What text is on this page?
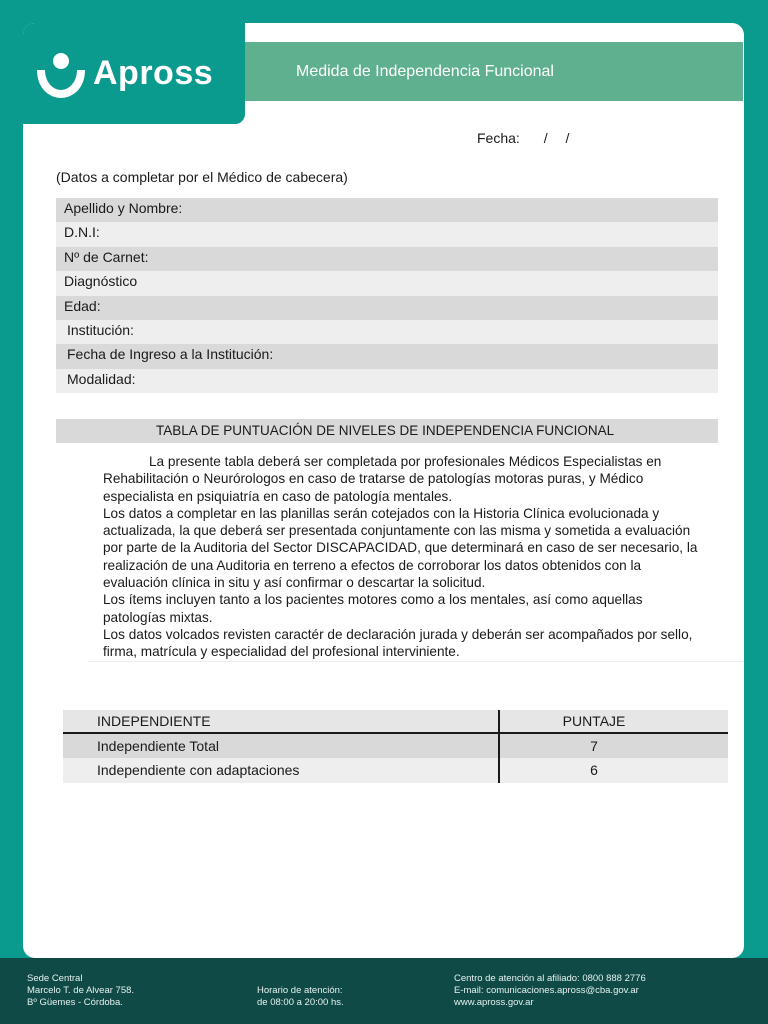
Apross	Medida de Independencia Funcional
Fecha: / /
(Datos a completar por el Médico de cabecera)
Apellido y Nombre:
D.N.I:
Nº de Carnet:
Diagnóstico
Edad:
Institución:
Fecha de Ingreso a la Institución:
Modalidad:
TABLA DE PUNTUACIÓN DE NIVELES DE INDEPENDENCIA FUNCIONAL

La presente tabla deberá ser completada por profesionales Médicos Especialistas en Rehabilitación o Neurórologos en caso de tratarse de patologías motoras puras, y Médico especialista en psiquiatría en caso de patología mentales.

Los datos a completar en las planillas serán cotejados con la Historia Clínica evolucionada y actualizada, la que deberá ser presentada conjuntamente con las misma y sometida a evaluación por parte de la Auditoria del Sector DISCAPACIDAD, que determinará en caso de ser necesario, la realización de una Auditoria en terreno a efectos de corroborar los datos obtenidos con la evaluación clínica in situ y así confirmar o descartar la solicitud.

Los ítems incluyen tanto a los pacientes motores como a los mentales, así como aquellas patologías mixtas.

Los datos volcados revisten caractér de declaración jurada y deberán ser acompañados por sello, firma, matrícula y especialidad del profesional interviniente.

INDEPENDIENTE	PUNTAJE
Independiente Total	7
Independiente con adaptaciones	6
Sede Central
Marcelo T. de Alvear 758.
Bº Güemes - Córdoba.
Horario de atención:
de 08:00 a 20:00 hs.
Centro de atención al afiliado: 0800 888 2776
E-mail: comunicaciones.apross@cba.gov.ar
www.apross.gov.ar
